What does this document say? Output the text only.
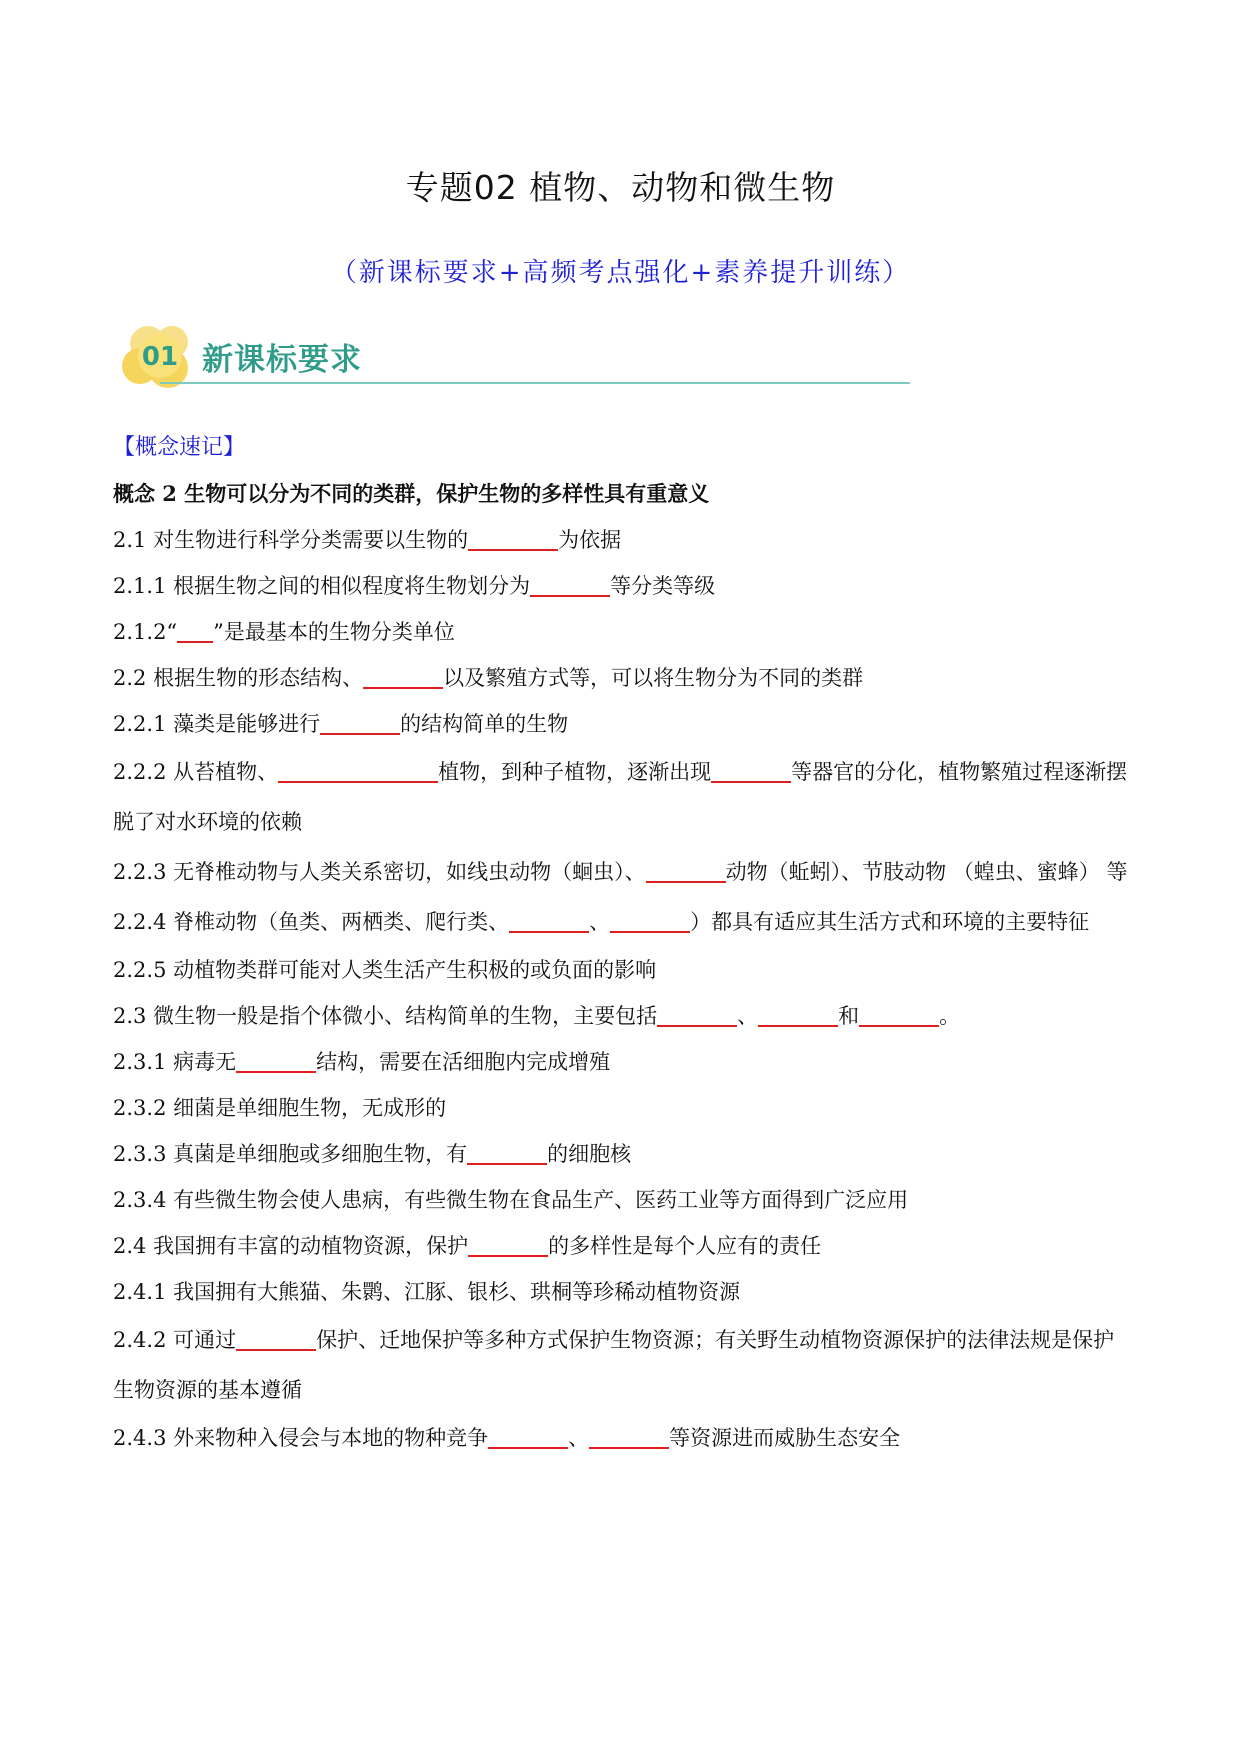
专题02 植物、动物和微生物
（新课标要求+高频考点强化+素养提升训练）
01 新课标要求
【概念速记】
概念 2 生物可以分为不同的类群，保护生物的多样性具有重意义
2.1 对生物进行科学分类需要以生物的	为依据
2.1.1 根据生物之间的相似程度将生物划分为	等分类等级
2.1.2“ ”是最基本的生物分类单位
2.2 根据生物的形态结构、	以及繁殖方式等，可以将生物分为不同的类群
2.2.1 藻类是能够进行	的结构简单的生物
2.2.2 从苔植物、	植物，到种子植物，逐渐出现	等器官的分化，植物繁殖过程逐渐摆脱了对水环境的依赖
2.2.3 无脊椎动物与人类关系密切，如线虫动物（蛔虫）、	动物（蚯蚓）、节肢动物 （蝗虫、蜜蜂） 等
2.2.4 脊椎动物（鱼类、两栖类、爬行类、	、	）都具有适应其生活方式和环境的主要特征
2.2.5 动植物类群可能对人类生活产生积极的或负面的影响
2.3 微生物一般是指个体微小、结构简单的生物，主要包括	、	和	。
2.3.1 病毒无	结构，需要在活细胞内完成增殖
2.3.2 细菌是单细胞生物，无成形的
2.3.3 真菌是单细胞或多细胞生物，有	的细胞核
2.3.4 有些微生物会使人患病，有些微生物在食品生产、医药工业等方面得到广泛应用
2.4 我国拥有丰富的动植物资源，保护	的多样性是每个人应有的责任
2.4.1 我国拥有大熊猫、朱鹮、江豚、银杉、珙桐等珍稀动植物资源
2.4.2 可通过	保护、迁地保护等多种方式保护生物资源；有关野生动植物资源保护的法律法规是保护生物资源的基本遵循
2.4.3 外来物种入侵会与本地的物种竞争	、	等资源进而威胁生态安全
